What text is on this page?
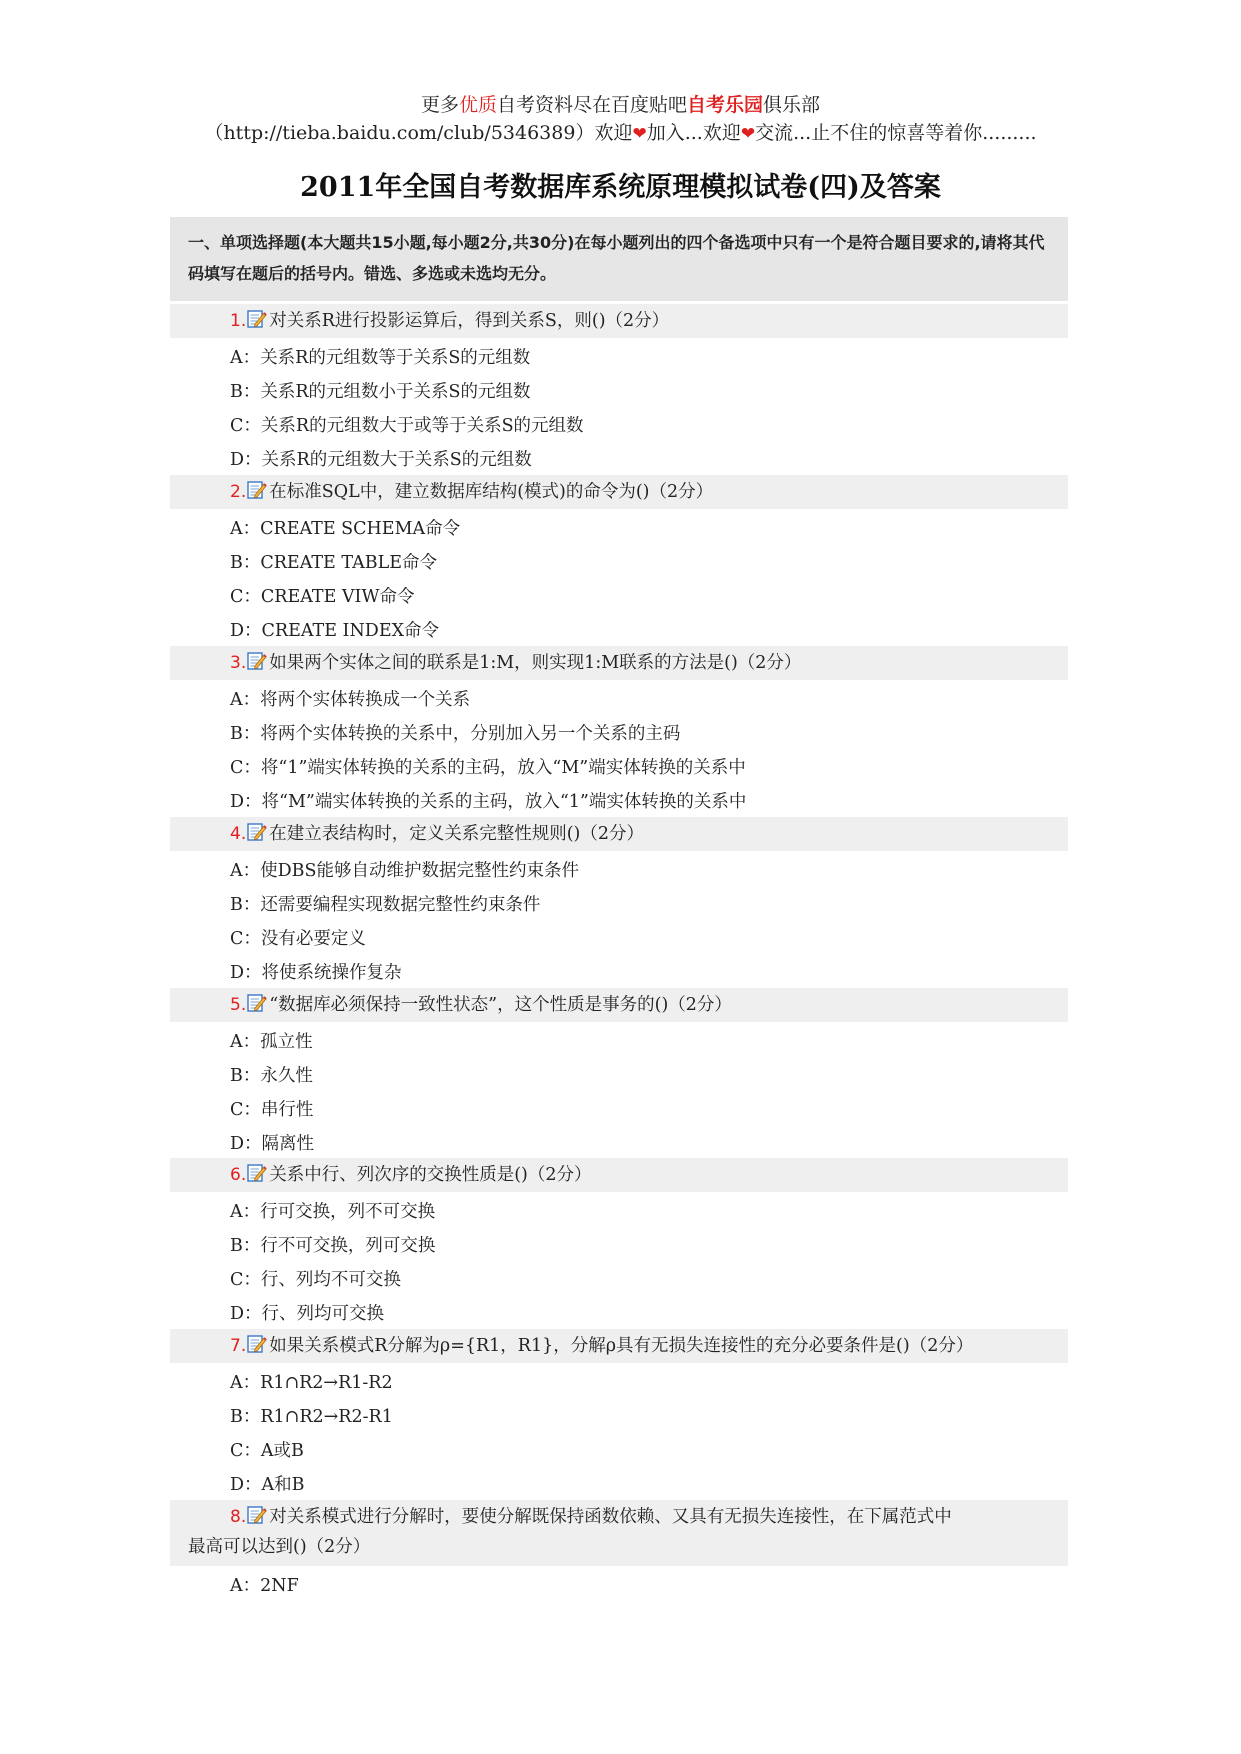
更多优质自考资料尽在百度贴吧自考乐园俱乐部
（http://tieba.baidu.com/club/5346389）欢迎❤加入...欢迎❤交流...止不住的惊喜等着你.........
2011年全国自考数据库系统原理模拟试卷(四)及答案
一、单项选择题(本大题共15小题,每小题2分,共30分)在每小题列出的四个备选项中只有一个是符合题目要求的,请将其代码填写在题后的括号内。错选、多选或未选均无分。
1. 对关系R进行投影运算后，得到关系S，则()（2分）
A：关系R的元组数等于关系S的元组数
B：关系R的元组数小于关系S的元组数
C：关系R的元组数大于或等于关系S的元组数
D：关系R的元组数大于关系S的元组数
2. 在标准SQL中，建立数据库结构(模式)的命令为()（2分）
A：CREATE SCHEMA命令
B：CREATE TABLE命令
C：CREATE VIW命令
D：CREATE INDEX命令
3. 如果两个实体之间的联系是1:M，则实现1:M联系的方法是()（2分）
A：将两个实体转换成一个关系
B：将两个实体转换的关系中，分别加入另一个关系的主码
C：将“1”端实体转换的关系的主码，放入“M”端实体转换的关系中
D：将“M”端实体转换的关系的主码，放入“1”端实体转换的关系中
4. 在建立表结构时，定义关系完整性规则()（2分）
A：使DBS能够自动维护数据完整性约束条件
B：还需要编程实现数据完整性约束条件
C：没有必要定义
D：将使系统操作复杂
5. “数据库必须保持一致性状态”，这个性质是事务的()（2分）
A：孤立性
B：永久性
C：串行性
D：隔离性
6. 关系中行、列次序的交换性质是()（2分）
A：行可交换，列不可交换
B：行不可交换，列可交换
C：行、列均不可交换
D：行、列均可交换
7. 如果关系模式R分解为ρ={R1，R1}，分解ρ具有无损失连接性的充分必要条件是()（2分）
A：R1∩R2→R1-R2
B：R1∩R2→R2-R1
C：A或B
D：A和B
8. 对关系模式进行分解时，要使分解既保持函数依赖、又具有无损失连接性，在下属范式中
最高可以达到()（2分）
A：2NF
